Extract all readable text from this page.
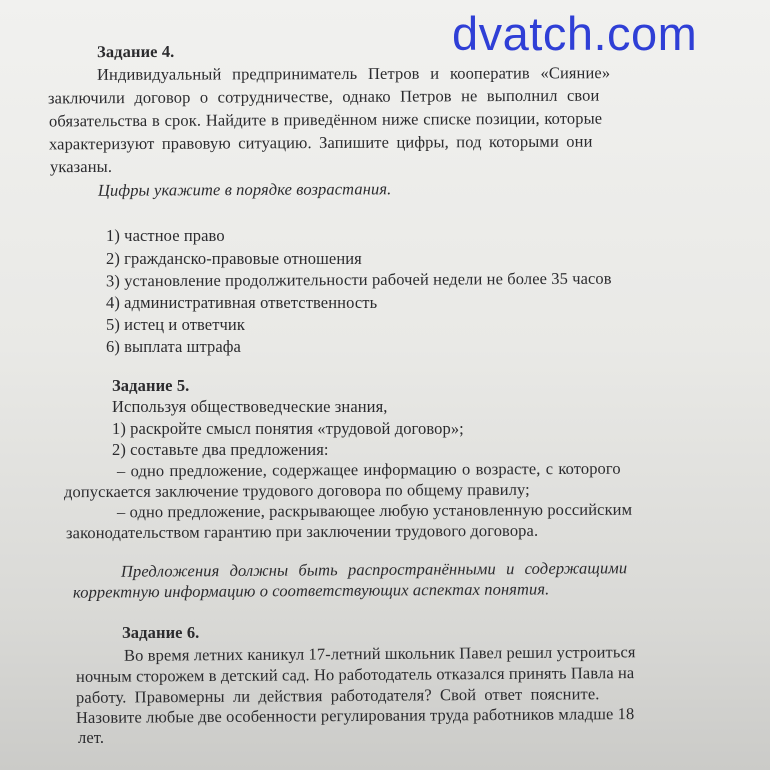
Задание 4.
Индивидуальный предприниматель Петров и кооператив «Сияние»
заключили договор о сотрудничестве, однако Петров не выполнил свои
обязательства в срок. Найдите в приведённом ниже списке позиции, которые
характеризуют правовую ситуацию. Запишите цифры, под которыми они
указаны.
Цифры укажите в порядке возрастания.
1) частное право
2) гражданско-правовые отношения
3) установление продолжительности рабочей недели не более 35 часов
4) административная ответственность
5) истец и ответчик
6) выплата штрафа
Задание 5.
Используя обществоведческие знания,
1) раскройте смысл понятия «трудовой договор»;
2) составьте два предложения:
– одно предложение, содержащее информацию о возрасте, с которого
допускается заключение трудового договора по общему правилу;
– одно предложение, раскрывающее любую установленную российским
законодательством гарантию при заключении трудового договора.
Предложения должны быть распространёнными и содержащими
корректную информацию о соответствующих аспектах понятия.
Задание 6.
Во время летних каникул 17-летний школьник Павел решил устроиться
ночным сторожем в детский сад. Но работодатель отказался принять Павла на
работу. Правомерны ли действия работодателя? Свой ответ поясните.
Назовите любые две особенности регулирования труда работников младше 18
лет.
dvatch.com
